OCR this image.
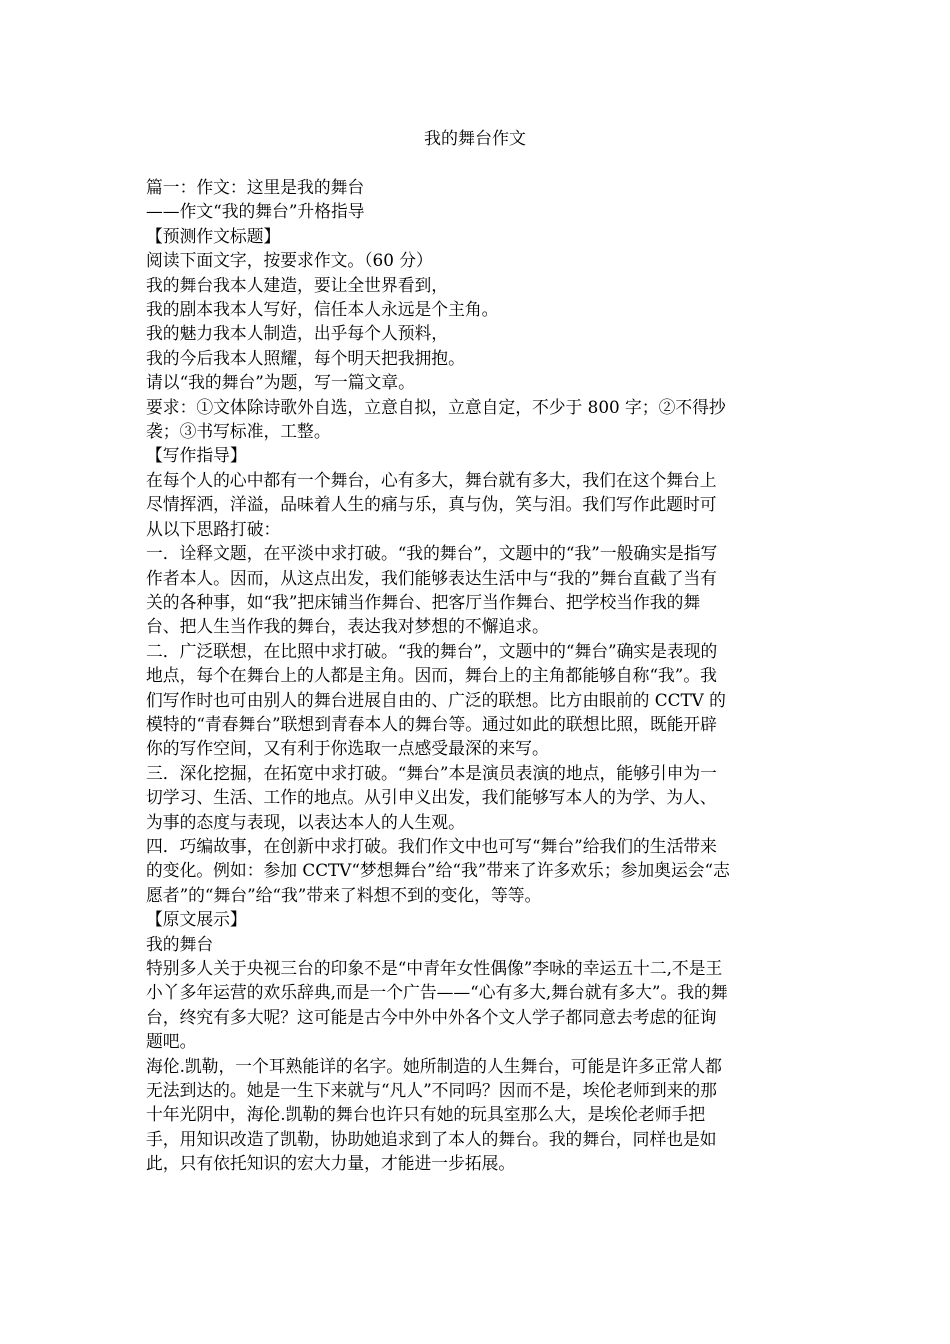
我的舞台作文

篇一：作文：这里是我的舞台

——作文“我的舞台”升格指导

【预测作文标题】

阅读下面文字，按要求作文。（60 分）

我的舞台我本人建造，要让全世界看到，

我的剧本我本人写好，信任本人永远是个主角。

我的魅力我本人制造，出乎每个人预料，

我的今后我本人照耀，每个明天把我拥抱。

请以“我的舞台”为题，写一篇文章。

要求：①文体除诗歌外自选，立意自拟，立意自定，不少于 800 字；②不得抄

袭；③书写标准，工整。

【写作指导】

在每个人的心中都有一个舞台，心有多大，舞台就有多大，我们在这个舞台上

尽情挥洒，洋溢，品味着人生的痛与乐，真与伪，笑与泪。我们写作此题时可

从以下思路打破：

一．诠释文题，在平淡中求打破。“我的舞台”，文题中的“我”一般确实是指写

作者本人。因而，从这点出发，我们能够表达生活中与“我的”舞台直截了当有

关的各种事，如“我”把床铺当作舞台、把客厅当作舞台、把学校当作我的舞

台、把人生当作我的舞台，表达我对梦想的不懈追求。

二．广泛联想，在比照中求打破。“我的舞台”，文题中的“舞台”确实是表现的

地点，每个在舞台上的人都是主角。因而，舞台上的主角都能够自称“我”。我

们写作时也可由别人的舞台进展自由的、广泛的联想。比方由眼前的 CCTV 的

模特的“青春舞台”联想到青春本人的舞台等。通过如此的联想比照，既能开辟

你的写作空间，又有利于你选取一点感受最深的来写。

三．深化挖掘，在拓宽中求打破。“舞台”本是演员表演的地点，能够引申为一

切学习、生活、工作的地点。从引申义出发，我们能够写本人的为学、为人、

为事的态度与表现，以表达本人的人生观。

四．巧编故事，在创新中求打破。我们作文中也可写“舞台”给我们的生活带来

的变化。例如：参加 CCTV“梦想舞台”给“我”带来了许多欢乐；参加奥运会“志

愿者”的“舞台”给“我”带来了料想不到的变化，等等。

【原文展示】

我的舞台

特别多人关于央视三台的印象不是“中青年女性偶像”李咏的幸运五十二,不是王

小丫多年运营的欢乐辞典,而是一个广告——“心有多大,舞台就有多大”。我的舞

台，终究有多大呢？这可能是古今中外中外各个文人学子都同意去考虑的征询

题吧。

海伦.凯勒，一个耳熟能详的名字。她所制造的人生舞台，可能是许多正常人都

无法到达的。她是一生下来就与“凡人”不同吗？因而不是，埃伦老师到来的那

十年光阴中，海伦.凯勒的舞台也许只有她的玩具室那么大，是埃伦老师手把

手，用知识改造了凯勒，协助她追求到了本人的舞台。我的舞台，同样也是如

此，只有依托知识的宏大力量，才能进一步拓展。
